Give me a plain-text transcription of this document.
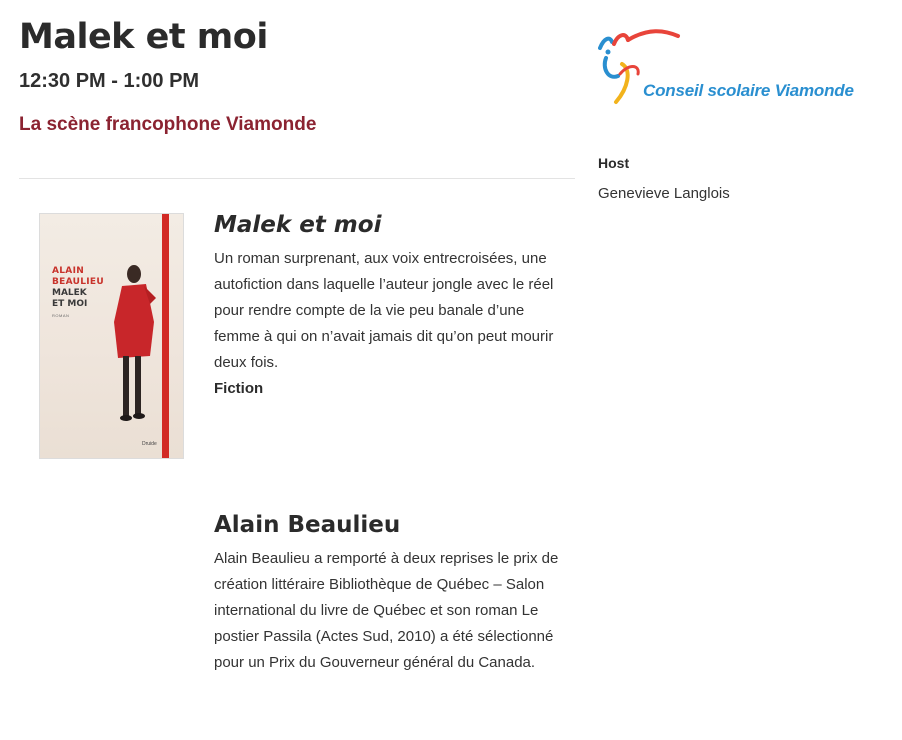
Malek et moi

12:30 PM - 1:00 PM

La scène francophone Viamonde
ALAIN
BEAULIEU
MALEK
ET MOI
ROMAN
Druide
Malek et moi

Un roman surprenant, aux voix entrecroisées, une autofiction dans laquelle l’auteur jongle avec le réel pour rendre compte de la vie peu banale d’une femme à qui on n’avait jamais dit qu’on peut mourir deux fois.

Fiction

Alain Beaulieu

Alain Beaulieu a remporté à deux reprises le prix de création littéraire Bibliothèque de Québec – Salon international du livre de Québec et son roman Le postier Passila (Actes Sud, 2010) a été sélectionné pour un Prix du Gouverneur général du Canada.

Conseil scolaire Viamonde

Host

Genevieve Langlois
